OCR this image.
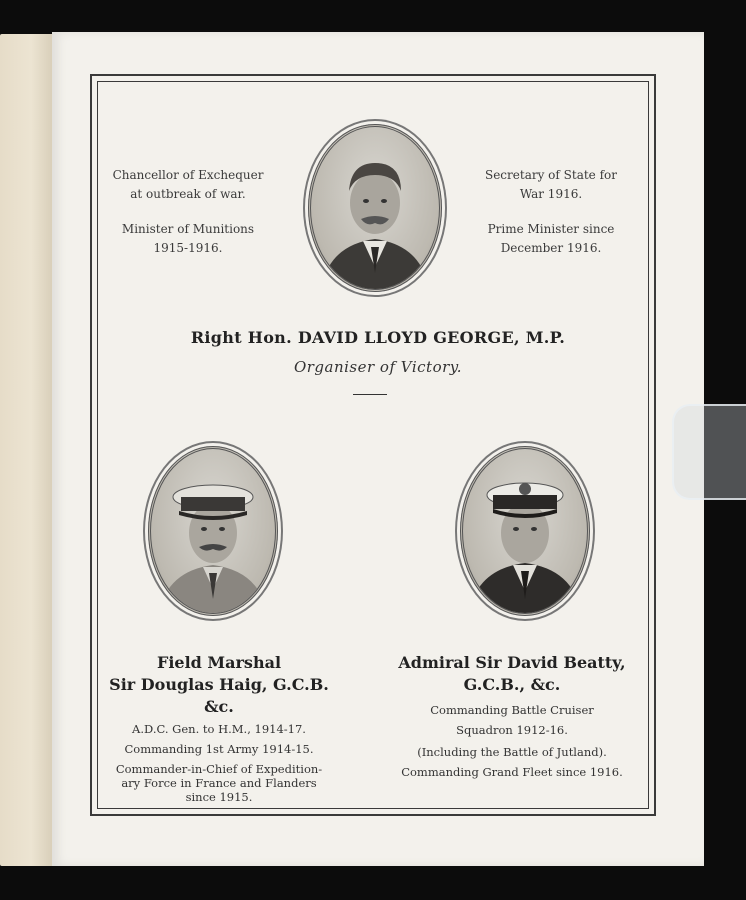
Chancellor of Exchequer
at outbreak of war.

Minister of Munitions
1915-1916.

Secretary of State for
War 1916.

Prime Minister since
December 1916.

Right Hon. DAVID LLOYD GEORGE, M.P.
Organiser of Victory.
Field Marshal
Sir Douglas Haig, G.C.B. &c.

A.D.C. Gen. to H.M., 1914-17.

Commanding 1st Army 1914-15.

Commander-in-Chief of Expedition-
ary Force in France and Flanders
since 1915.

Admiral Sir David Beatty,
G.C.B., &c.

Commanding Battle Cruiser
Squadron 1912-16.

(Including the Battle of Jutland).

Commanding Grand Fleet since 1916.
